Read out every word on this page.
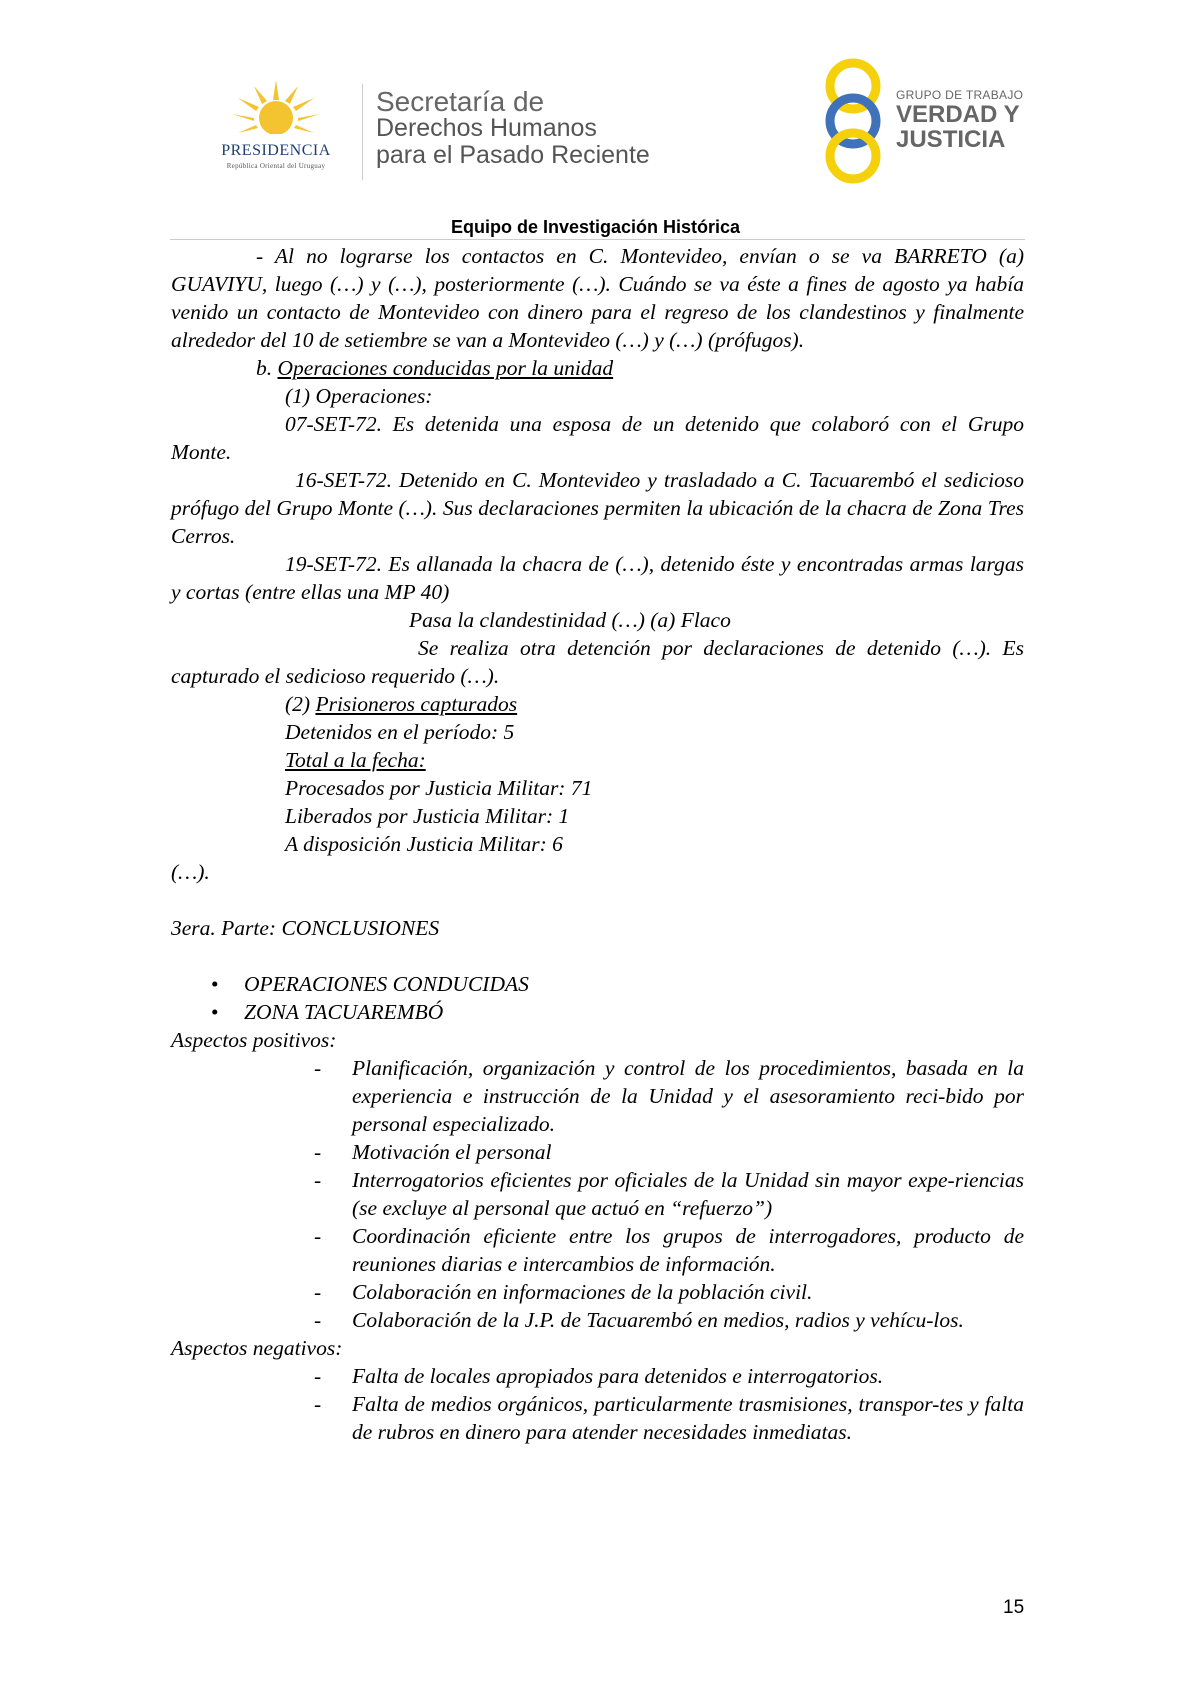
PRESIDENCIA
República Oriental del Uruguay
Secretaría de
Derechos Humanos
para el Pasado Reciente
GRUPO DE TRABAJO
VERDAD Y
JUSTICIA
Equipo de Investigación Histórica

- Al no lograrse los contactos en C. Montevideo, envían o se va BARRETO (a) GUAVIYU, luego (…) y (…), posteriormente (…). Cuándo se va éste a fines de agosto ya había venido un contacto de Montevideo con dinero para el regreso de los clandestinos y finalmente alrededor del 10 de setiembre se van a Montevideo (…) y (…) (prófugos).

b. Operaciones conducidas por la unidad

(1) Operaciones:

07-SET-72. Es detenida una esposa de un detenido que colaboró con el Grupo Monte.

16-SET-72. Detenido en C. Montevideo y trasladado a C. Tacuarembó el sedicioso prófugo del Grupo Monte (…). Sus declaraciones permiten la ubicación de la chacra de Zona Tres Cerros.

19-SET-72. Es allanada la chacra de (…), detenido éste y encontradas armas largas y cortas (entre ellas una MP 40)

Pasa la clandestinidad (…) (a) Flaco

Se realiza otra detención por declaraciones de detenido (…). Es capturado el sedicioso requerido (…).

(2) Prisioneros capturados

Detenidos en el período: 5

Total a la fecha:

Procesados por Justicia Militar: 71

Liberados por Justicia Militar: 1

A disposición Justicia Militar: 6

(…).

3era. Parte: CONCLUSIONES

• OPERACIONES CONDUCIDAS
• ZONA TACUAREMBÓ

Aspectos positivos:

- Planificación, organización y control de los procedimientos, basada en la experiencia e instrucción de la Unidad y el asesoramiento reci-bido por personal especializado.
- Motivación el personal
- Interrogatorios eficientes por oficiales de la Unidad sin mayor expe-riencias (se excluye al personal que actuó en “refuerzo”)
- Coordinación eficiente entre los grupos de interrogadores, producto de reuniones diarias e intercambios de información.
- Colaboración en informaciones de la población civil.
- Colaboración de la J.P. de Tacuarembó en medios, radios y vehícu-los.

Aspectos negativos:

- Falta de locales apropiados para detenidos e interrogatorios.
- Falta de medios orgánicos, particularmente trasmisiones, transpor-tes y falta de rubros en dinero para atender necesidades inmediatas.
15
